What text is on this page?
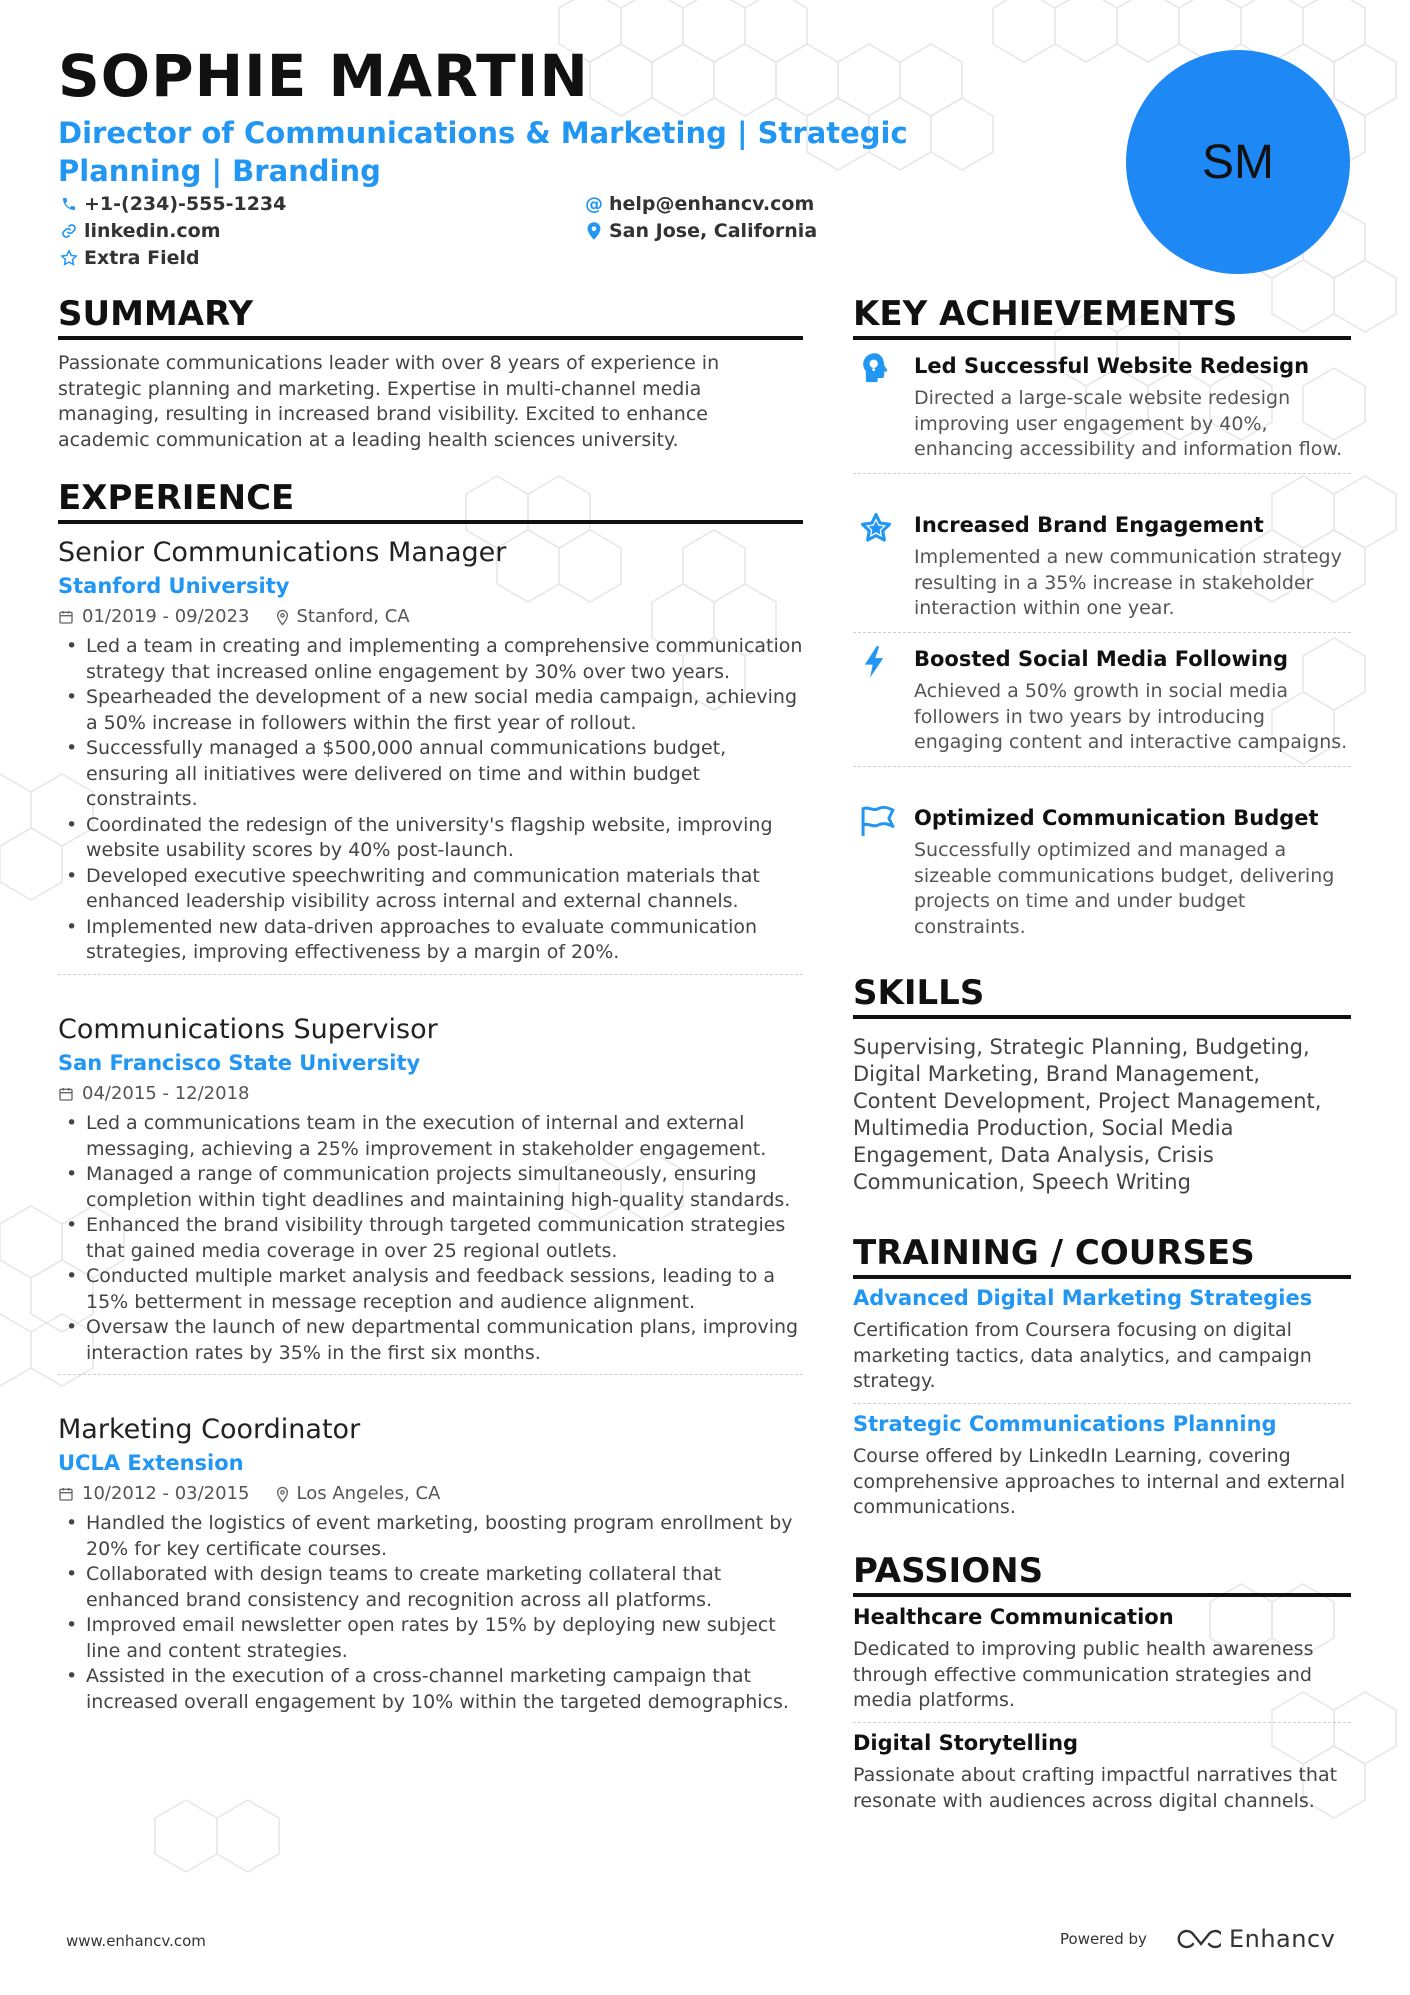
SOPHIE MARTIN
Director of Communications & Marketing | Strategic Planning | Branding
+1-(234)-555-1234
linkedin.com
Extra Field
@ help@enhancv.com
San Jose, California
SM
SUMMARY
Passionate communications leader with over 8 years of experience in strategic planning and marketing. Expertise in multi-channel media managing, resulting in increased brand visibility. Excited to enhance academic communication at a leading health sciences university.
EXPERIENCE
Senior Communications Manager
Stanford University
01/2019 - 09/2023	Stanford, CA
• Led a team in creating and implementing a comprehensive communication strategy that increased online engagement by 30% over two years.
• Spearheaded the development of a new social media campaign, achieving a 50% increase in followers within the first year of rollout.
• Successfully managed a $500,000 annual communications budget, ensuring all initiatives were delivered on time and within budget constraints.
• Coordinated the redesign of the university's flagship website, improving website usability scores by 40% post-launch.
• Developed executive speechwriting and communication materials that enhanced leadership visibility across internal and external channels.
• Implemented new data-driven approaches to evaluate communication strategies, improving effectiveness by a margin of 20%.
Communications Supervisor
San Francisco State University
04/2015 - 12/2018
• Led a communications team in the execution of internal and external messaging, achieving a 25% improvement in stakeholder engagement.
• Managed a range of communication projects simultaneously, ensuring completion within tight deadlines and maintaining high-quality standards.
• Enhanced the brand visibility through targeted communication strategies that gained media coverage in over 25 regional outlets.
• Conducted multiple market analysis and feedback sessions, leading to a 15% betterment in message reception and audience alignment.
• Oversaw the launch of new departmental communication plans, improving interaction rates by 35% in the first six months.
Marketing Coordinator
UCLA Extension
10/2012 - 03/2015	Los Angeles, CA
• Handled the logistics of event marketing, boosting program enrollment by 20% for key certificate courses.
• Collaborated with design teams to create marketing collateral that enhanced brand consistency and recognition across all platforms.
• Improved email newsletter open rates by 15% by deploying new subject line and content strategies.
• Assisted in the execution of a cross-channel marketing campaign that increased overall engagement by 10% within the targeted demographics.
KEY ACHIEVEMENTS
Led Successful Website Redesign
Directed a large-scale website redesign improving user engagement by 40%, enhancing accessibility and information flow.
Increased Brand Engagement
Implemented a new communication strategy resulting in a 35% increase in stakeholder interaction within one year.
Boosted Social Media Following
Achieved a 50% growth in social media followers in two years by introducing engaging content and interactive campaigns.
Optimized Communication Budget
Successfully optimized and managed a sizeable communications budget, delivering projects on time and under budget constraints.
SKILLS
Supervising, Strategic Planning, Budgeting, Digital Marketing, Brand Management, Content Development, Project Management, Multimedia Production, Social Media Engagement, Data Analysis, Crisis Communication, Speech Writing
TRAINING / COURSES
Advanced Digital Marketing Strategies
Certification from Coursera focusing on digital marketing tactics, data analytics, and campaign strategy.
Strategic Communications Planning
Course offered by LinkedIn Learning, covering comprehensive approaches to internal and external communications.
PASSIONS
Healthcare Communication
Dedicated to improving public health awareness through effective communication strategies and media platforms.
Digital Storytelling
Passionate about crafting impactful narratives that resonate with audiences across digital channels.
www.enhancv.com	Powered by	Enhancv
